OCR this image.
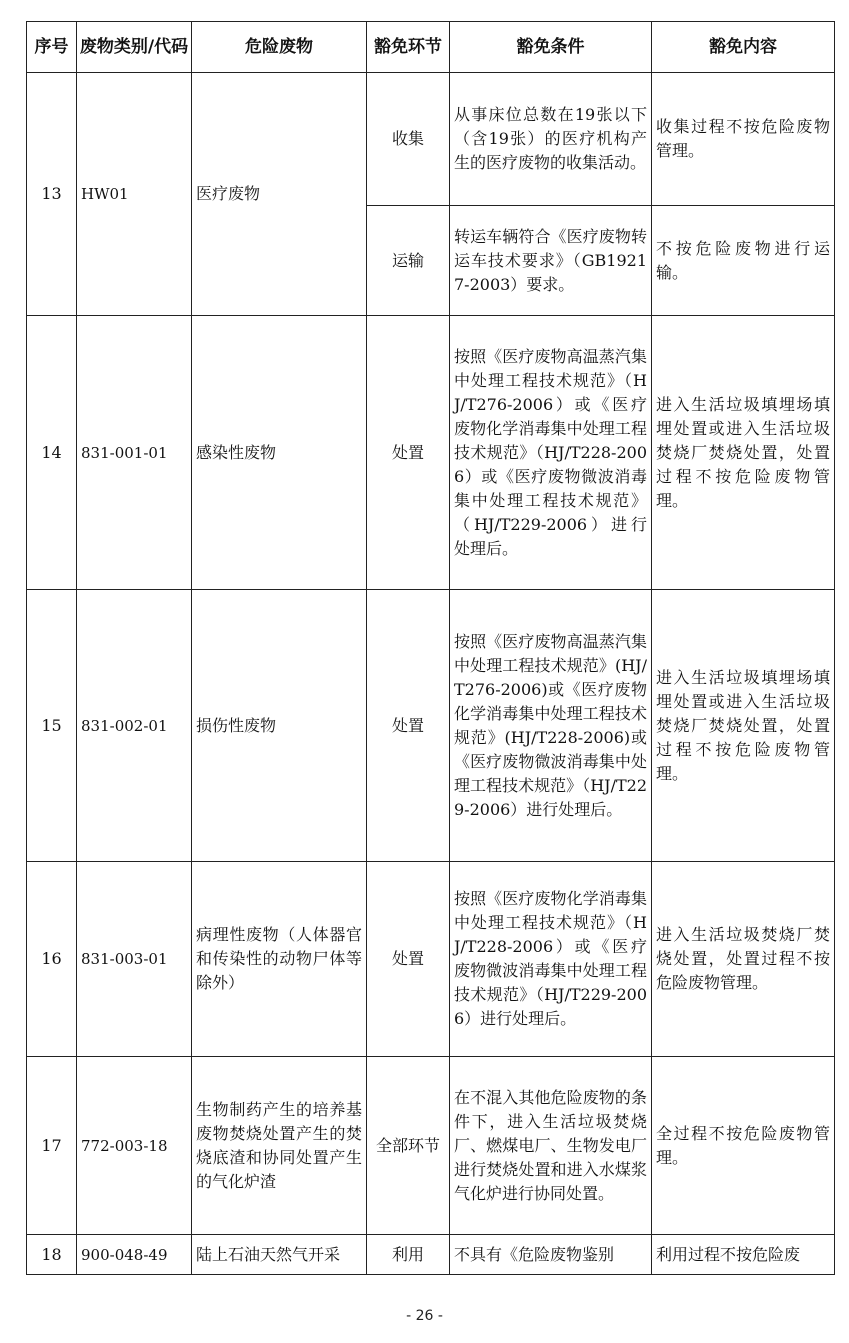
序号	废物类别/代码	危险废物	豁免环节	豁免条件	豁免内容
13	HW01	医疗废物	收集	从事床位总数在19张以下（含19张）的医疗机构产生的医疗废物的收集活动。	收集过程不按危险废物管理。
			运输	转运车辆符合《医疗废物转运车技术要求》（GB19217-2003）要求。	不按危险废物进行运输。
14	831-001-01	感染性废物	处置	按照《医疗废物高温蒸汽集中处理工程技术规范》（HJ/T276-2006）或《医疗废物化学消毒集中处理工程技术规范》（HJ/T228-2006）或《医疗废物微波消毒集中处理工程技术规范》（HJ/T229-2006）进行处理后。	进入生活垃圾填埋场填埋处置或进入生活垃圾焚烧厂焚烧处置，处置过程不按危险废物管理。
15	831-002-01	损伤性废物	处置	按照《医疗废物高温蒸汽集中处理工程技术规范》(HJ/T276-2006)或《医疗废物化学消毒集中处理工程技术规范》(HJ/T228-2006)或《医疗废物微波消毒集中处理工程技术规范》（HJ/T229-2006）进行处理后。	进入生活垃圾填埋场填埋处置或进入生活垃圾焚烧厂焚烧处置，处置过程不按危险废物管理。
16	831-003-01	病理性废物（人体器官和传染性的动物尸体等除外）	处置	按照《医疗废物化学消毒集中处理工程技术规范》（HJ/T228-2006）或《医疗废物微波消毒集中处理工程技术规范》（HJ/T229-2006）进行处理后。	进入生活垃圾焚烧厂焚烧处置，处置过程不按危险废物管理。
17	772-003-18	生物制药产生的培养基废物焚烧处置产生的焚烧底渣和协同处置产生的气化炉渣	全部环节	在不混入其他危险废物的条件下，进入生活垃圾焚烧厂、燃煤电厂、生物发电厂进行焚烧处置和进入水煤浆气化炉进行协同处置。	全过程不按危险废物管理。
18	900-048-49	陆上石油天然气开采	利用	不具有《危险废物鉴别	利用过程不按危险废
- 26 -
